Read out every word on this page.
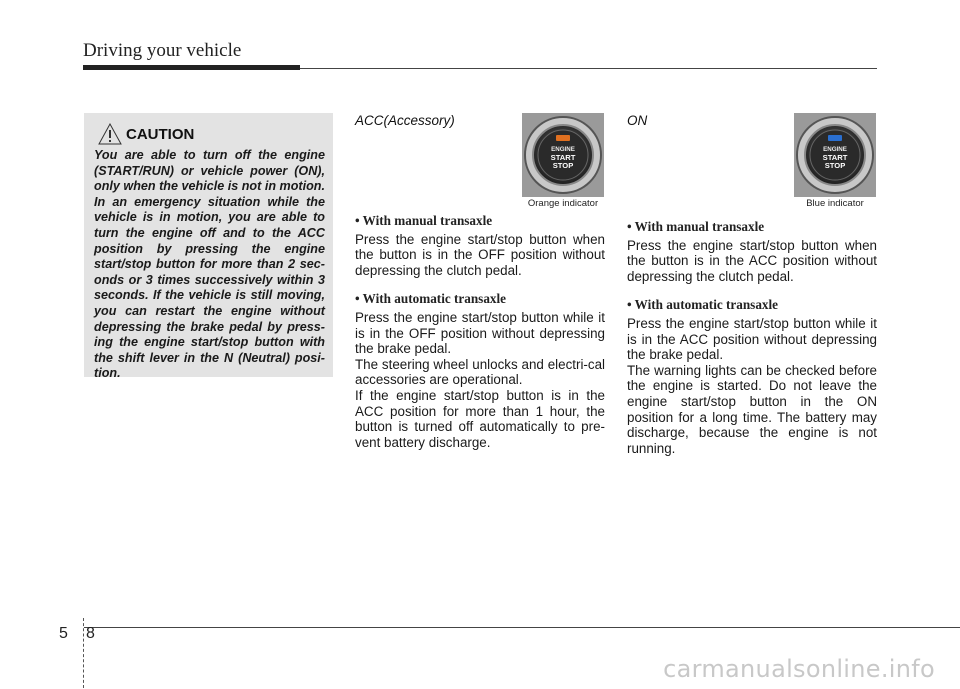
Driving your vehicle
CAUTION

You are able to turn off the engine (START/RUN) or vehicle power (ON), only when the vehicle is not in motion. In an emergency situation while the vehicle is in motion, you are able to turn the engine off and to the ACC position by pressing the engine start/stop button for more than 2 sec-onds or 3 times successively within 3 seconds. If the vehicle is still moving, you can restart the engine without depressing the brake pedal by press-ing the engine start/stop button with the shift lever in the N (Neutral) posi-tion.

ACC(Accessory)
ENGINE
START
STOP
Orange indicator
• With manual transaxle

Press the engine start/stop button when the button is in the OFF position without depressing the clutch pedal.

• With automatic transaxle

Press the engine start/stop button while it is in the OFF position without depressing the brake pedal.

The steering wheel unlocks and electri-cal accessories are operational.

If the engine start/stop button is in the ACC position for more than 1 hour, the button is turned off automatically to pre-vent battery discharge.

ON
ENGINE
START
STOP
Blue indicator
• With manual transaxle

Press the engine start/stop button when the button is in the ACC position without depressing the clutch pedal.

• With automatic transaxle

Press the engine start/stop button while it is in the ACC position without depressing the brake pedal.

The warning lights can be checked before the engine is started. Do not leave the engine start/stop button in the ON position for a long time. The battery may discharge, because the engine is not running.

5 8
carmanualsonline.info
